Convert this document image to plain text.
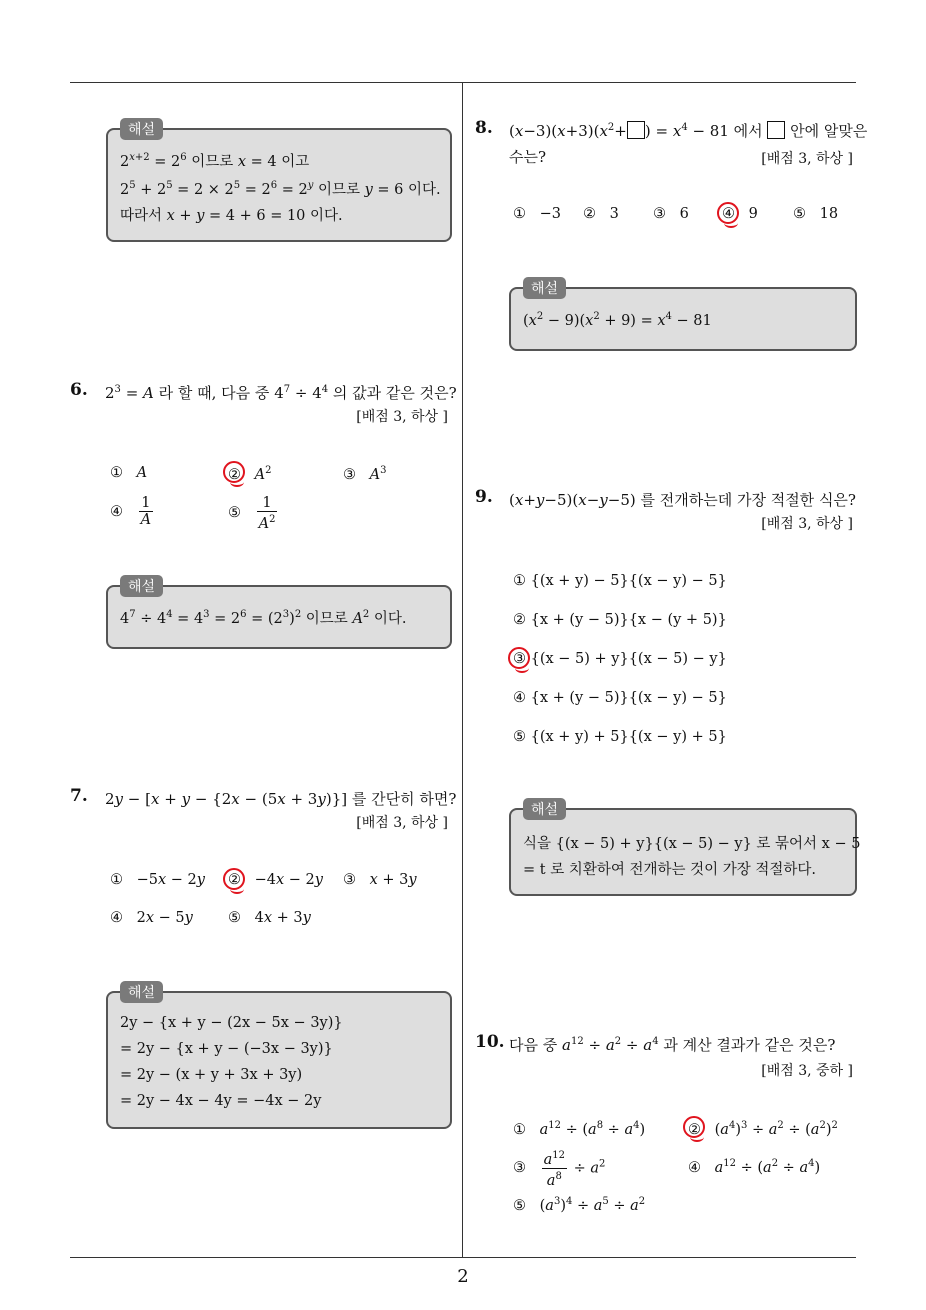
2
해설
$2^{x+2} = 2^6$ 이므로 x = 4 이고
$2^5 + 2^5 = 2 \times 2^5 = 2^6 = 2^y$ 이므로 y = 6 이다.
따라서 x + y = 4 + 6 = 10 이다.
6. $2^3 = A$ 라 할 때, 다음 중 $4^7 \div 4^4$ 의 값과 같은 것은?
[배점 3, 하상 ]
① A	② $A^2$	③ $A^3$
④ $\frac{1}{A}$	⑤ $\frac{1}{A^2}$
해설
$4^7 \div 4^4 = 4^3 = 2^6 = (2^3)^2$ 이므로 $A^2$ 이다.
7. 2y − [x + y − {2x − (5x + 3y)}] 를 간단히 하면?
[배점 3, 하상 ]
① −5x − 2y ② −4x − 2y ③ x + 3y
④ 2x − 5y ⑤ 4x + 3y
해설
2y − {x + y − (2x − 5x − 3y)}
= 2y − {x + y − (−3x − 3y)}
= 2y − (x + y + 3x + 3y)
= 2y − 4x − 4y = −4x − 2y
8. $(x-3)(x+3)(x^2+$ ) = $x^4 - 81$ 에서  안에 알맞은
수는?	[배점 3, 하상 ]
① −3 ② 3 ③ 6 ④ 9 ⑤ 18
해설
$(x^2 - 9)(x^2 + 9) = x^4 - 81$
9. (x+y−5)(x−y−5) 를 전개하는데 가장 적절한 식은?
[배점 3, 하상 ]
① {(x + y) − 5}{(x − y) − 5}
② {x + (y − 5)}{x − (y + 5)}
③ {(x − 5) + y}{(x − 5) − y}
④ {x + (y − 5)}{(x − y) − 5}
⑤ {(x + y) + 5}{(x − y) + 5}
해설
식을 {(x − 5) + y}{(x − 5) − y} 로 묶어서 x − 5
= t 로 치환하여 전개하는 것이 가장 적절하다.
10. 다음 중 $a^{12} \div a^2 \div a^4$ 과 계산 결과가 같은 것은?
[배점 3, 중하 ]
① $a^{12} \div (a^8 \div a^4)$	② $(a^4)^3 \div a^2 \div (a^2)^2$
③ $\frac{a^{12}}{a^8} \div a^2$	④ $a^{12} \div (a^2 \div a^4)$
⑤ $(a^3)^4 \div a^5 \div a^2$
